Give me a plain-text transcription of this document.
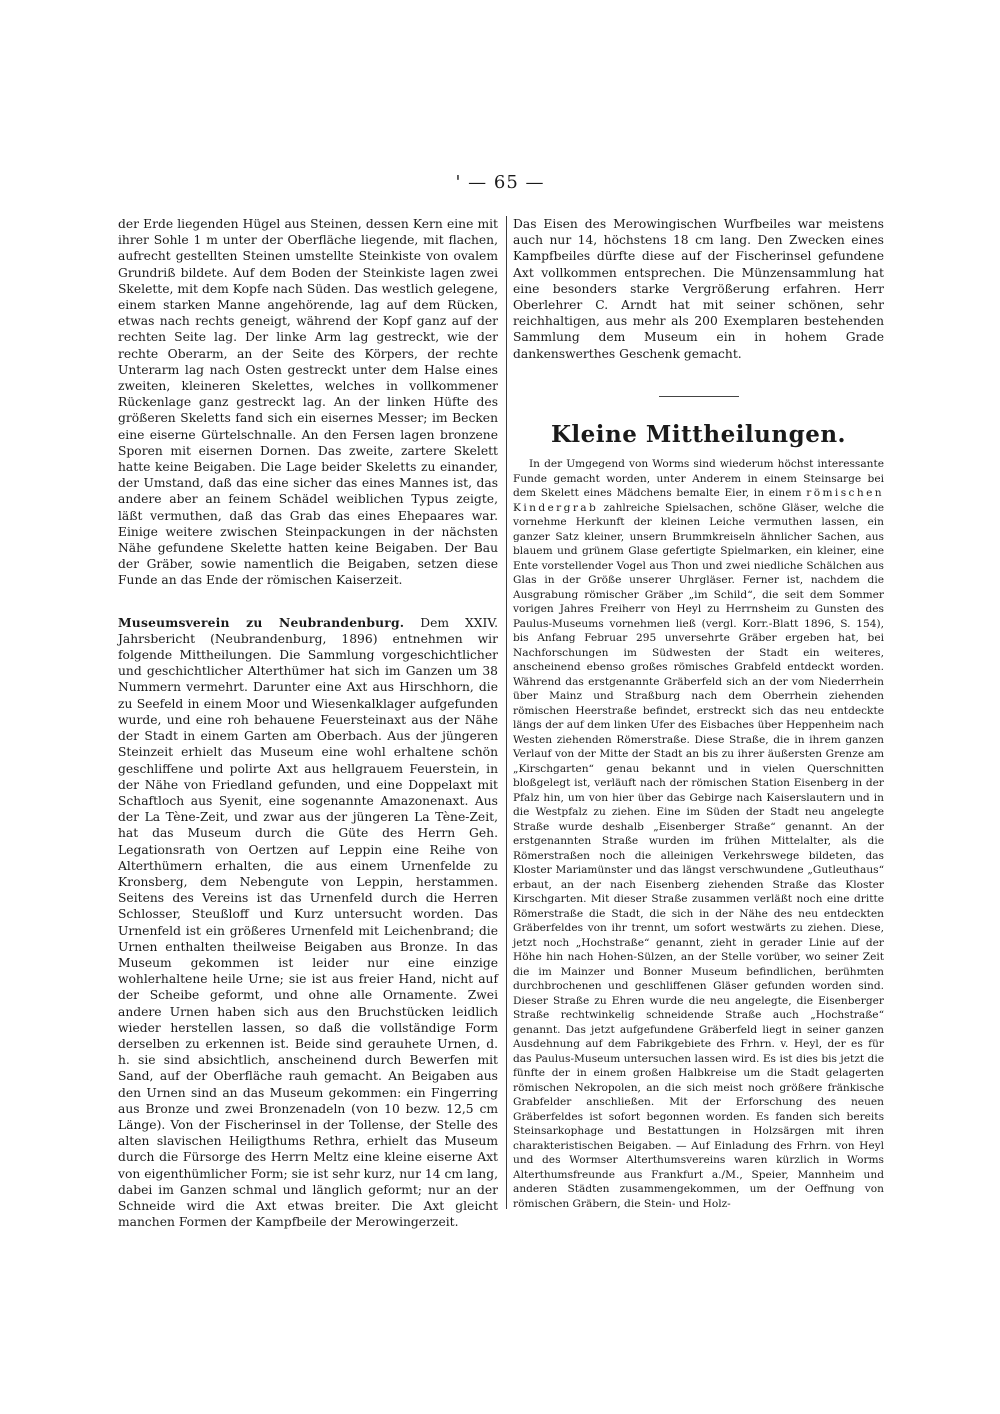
' — 65 —

der Erde liegenden Hügel aus Steinen, dessen Kern eine mit ihrer Sohle 1 m unter der Oberfläche liegende, mit flachen, aufrecht gestellten Steinen umstellte Steinkiste von ovalem Grundriß bildete. Auf dem Boden der Steinkiste lagen zwei Skelette, mit dem Kopfe nach Süden. Das westlich gelegene, einem starken Manne angehörende, lag auf dem Rücken, etwas nach rechts geneigt, während der Kopf ganz auf der rechten Seite lag. Der linke Arm lag gestreckt, wie der rechte Oberarm, an der Seite des Körpers, der rechte Unterarm lag nach Osten gestreckt unter dem Halse eines zweiten, kleineren Skelettes, welches in vollkommener Rückenlage ganz gestreckt lag. An der linken Hüfte des größeren Skeletts fand sich ein eisernes Messer; im Becken eine eiserne Gürtelschnalle. An den Fersen lagen bronzene Sporen mit eisernen Dornen. Das zweite, zartere Skelett hatte keine Beigaben. Die Lage beider Skeletts zu einander, der Umstand, daß das eine sicher das eines Mannes ist, das andere aber an feinem Schädel weiblichen Typus zeigte, läßt vermuthen, daß das Grab das eines Ehepaares war. Einige weitere zwischen Steinpackungen in der nächsten Nähe gefundene Skelette hatten keine Beigaben. Der Bau der Gräber, sowie namentlich die Beigaben, setzen diese Funde an das Ende der römischen Kaiserzeit.

Museumsverein zu Neubrandenburg. Dem XXIV. Jahrsbericht (Neubrandenburg, 1896) entnehmen wir folgende Mittheilungen. Die Sammlung vorgeschichtlicher und geschichtlicher Alterthümer hat sich im Ganzen um 38 Nummern vermehrt. Darunter eine Axt aus Hirschhorn, die zu Seefeld in einem Moor und Wiesenkalklager aufgefunden wurde, und eine roh behauene Feuersteinaxt aus der Nähe der Stadt in einem Garten am Oberbach. Aus der jüngeren Steinzeit erhielt das Museum eine wohl erhaltene schön geschliffene und polirte Axt aus hellgrauem Feuerstein, in der Nähe von Friedland gefunden, und eine Doppelaxt mit Schaftloch aus Syenit, eine sogenannte Amazonenaxt. Aus der La Tène-Zeit, und zwar aus der jüngeren La Tène-Zeit, hat das Museum durch die Güte des Herrn Geh. Legationsrath von Oertzen auf Leppin eine Reihe von Alterthümern erhalten, die aus einem Urnenfelde zu Kronsberg, dem Nebengute von Leppin, herstammen. Seitens des Vereins ist das Urnenfeld durch die Herren Schlosser, Steußloff und Kurz untersucht worden. Das Urnenfeld ist ein größeres Urnenfeld mit Leichenbrand; die Urnen enthalten theilweise Beigaben aus Bronze. In das Museum gekommen ist leider nur eine einzige wohlerhaltene heile Urne; sie ist aus freier Hand, nicht auf der Scheibe geformt, und ohne alle Ornamente. Zwei andere Urnen haben sich aus den Bruchstücken leidlich wieder herstellen lassen, so daß die vollständige Form derselben zu erkennen ist. Beide sind gerauhete Urnen, d. h. sie sind absichtlich, anscheinend durch Bewerfen mit Sand, auf der Oberfläche rauh gemacht. An Beigaben aus den Urnen sind an das Museum gekommen: ein Fingerring aus Bronze und zwei Bronzenadeln (von 10 bezw. 12,5 cm Länge). Von der Fischerinsel in der Tollense, der Stelle des alten slavischen Heiligthums Rethra, erhielt das Museum durch die Fürsorge des Herrn Meltz eine kleine eiserne Axt von eigenthümlicher Form; sie ist sehr kurz, nur 14 cm lang, dabei im Ganzen schmal und länglich geformt; nur an der Schneide wird die Axt etwas breiter. Die Axt gleicht manchen Formen der Kampfbeile der Merowingerzeit.

Das Eisen des Merowingischen Wurfbeiles war meistens auch nur 14, höchstens 18 cm lang. Den Zwecken eines Kampfbeiles dürfte diese auf der Fischerinsel gefundene Axt vollkommen entsprechen. Die Münzensammlung hat eine besonders starke Vergrößerung erfahren. Herr Oberlehrer C. Arndt hat mit seiner schönen, sehr reichhaltigen, aus mehr als 200 Exemplaren bestehenden Sammlung dem Museum ein in hohem Grade dankenswerthes Geschenk gemacht.

Kleine Mittheilungen.

In der Umgegend von Worms sind wiederum höchst interessante Funde gemacht worden, unter Anderem in einem Steinsarge bei dem Skelett eines Mädchens bemalte Eier, in einem römischen Kindergrab zahlreiche Spielsachen, schöne Gläser, welche die vornehme Herkunft der kleinen Leiche vermuthen lassen, ein ganzer Satz kleiner, unsern Brummkreiseln ähnlicher Sachen, aus blauem und grünem Glase gefertigte Spielmarken, ein kleiner, eine Ente vorstellender Vogel aus Thon und zwei niedliche Schälchen aus Glas in der Größe unserer Uhrgläser. Ferner ist, nachdem die Ausgrabung römischer Gräber „im Schild“, die seit dem Sommer vorigen Jahres Freiherr von Heyl zu Herrnsheim zu Gunsten des Paulus-Museums vornehmen ließ (vergl. Korr.-Blatt 1896, S. 154), bis Anfang Februar 295 unversehrte Gräber ergeben hat, bei Nachforschungen im Südwesten der Stadt ein weiteres, anscheinend ebenso großes römisches Grabfeld entdeckt worden. Während das erstgenannte Gräberfeld sich an der vom Niederrhein über Mainz und Straßburg nach dem Oberrhein ziehenden römischen Heerstraße befindet, erstreckt sich das neu entdeckte längs der auf dem linken Ufer des Eisbaches über Heppenheim nach Westen ziehenden Römerstraße. Diese Straße, die in ihrem ganzen Verlauf von der Mitte der Stadt an bis zu ihrer äußersten Grenze am „Kirschgarten“ genau bekannt und in vielen Querschnitten bloßgelegt ist, verläuft nach der römischen Station Eisenberg in der Pfalz hin, um von hier über das Gebirge nach Kaiserslautern und in die Westpfalz zu ziehen. Eine im Süden der Stadt neu angelegte Straße wurde deshalb „Eisenberger Straße“ genannt. An der erstgenannten Straße wurden im frühen Mittelalter, als die Römerstraßen noch die alleinigen Verkehrswege bildeten, das Kloster Mariamünster und das längst verschwundene „Gutleuthaus“ erbaut, an der nach Eisenberg ziehenden Straße das Kloster Kirschgarten. Mit dieser Straße zusammen verläßt noch eine dritte Römerstraße die Stadt, die sich in der Nähe des neu entdeckten Gräberfeldes von ihr trennt, um sofort westwärts zu ziehen. Diese, jetzt noch „Hochstraße“ genannt, zieht in gerader Linie auf der Höhe hin nach Hohen-Sülzen, an der Stelle vorüber, wo seiner Zeit die im Mainzer und Bonner Museum befindlichen, berühmten durchbrochenen und geschliffenen Gläser gefunden worden sind. Dieser Straße zu Ehren wurde die neu angelegte, die Eisenberger Straße rechtwinkelig schneidende Straße auch „Hochstraße“ genannt. Das jetzt aufgefundene Gräberfeld liegt in seiner ganzen Ausdehnung auf dem Fabrikgebiete des Frhrn. v. Heyl, der es für das Paulus-Museum untersuchen lassen wird. Es ist dies bis jetzt die fünfte der in einem großen Halbkreise um die Stadt gelagerten römischen Nekropolen, an die sich meist noch größere fränkische Grabfelder anschließen. Mit der Erforschung des neuen Gräberfeldes ist sofort begonnen worden. Es fanden sich bereits Steinsarkophage und Bestattungen in Holzsärgen mit ihren charakteristischen Beigaben. — Auf Einladung des Frhrn. von Heyl und des Wormser Alterthumsvereins waren kürzlich in Worms Alterthumsfreunde aus Frankfurt a./M., Speier, Mannheim und anderen Städten zusammengekommen, um der Oeffnung von römischen Gräbern, die Stein- und Holz-
